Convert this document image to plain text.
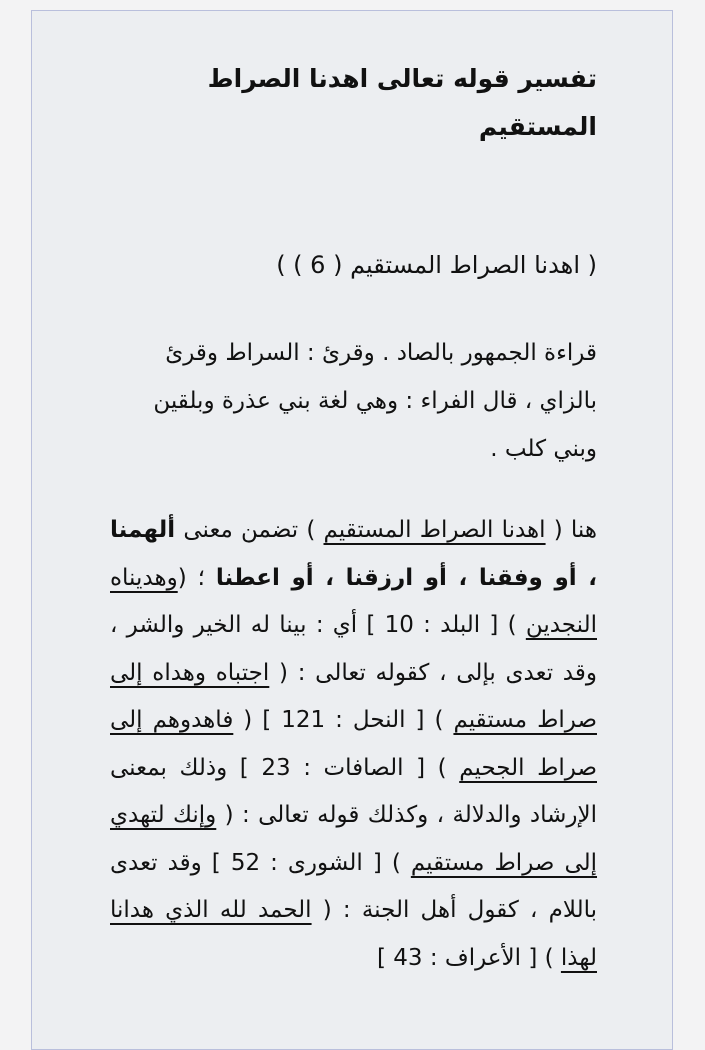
تفسير قوله تعالى اهدنا الصراط المستقيم

( اهدنا الصراط المستقيم ( 6 ) )

قراءة الجمهور بالصاد . وقرئ : السراط وقرئ بالزاي ، قال الفراء : وهي لغة بني عذرة وبلقين وبني كلب .

هنا ( اهدنا الصراط المستقيم ) تضمن معنى ألهمنا ، أو وفقنا ، أو ارزقنا ، أو اعطنا ؛ (وهديناه النجدين ) [ البلد : 10 ] أي : بينا له الخير والشر ، وقد تعدى بإلى ، كقوله تعالى : ( اجتباه وهداه إلى صراط مستقيم ) [ النحل : 121 ] ( فاهدوهم إلى صراط الجحيم ) [ الصافات : 23 ] وذلك بمعنى الإرشاد والدلالة ، وكذلك قوله تعالى : ( وإنك لتهدي إلى صراط مستقيم ) [ الشورى : 52 ] وقد تعدى باللام ، كقول أهل الجنة : ( الحمد لله الذي هدانا لهذا ) [ الأعراف : 43 ]
